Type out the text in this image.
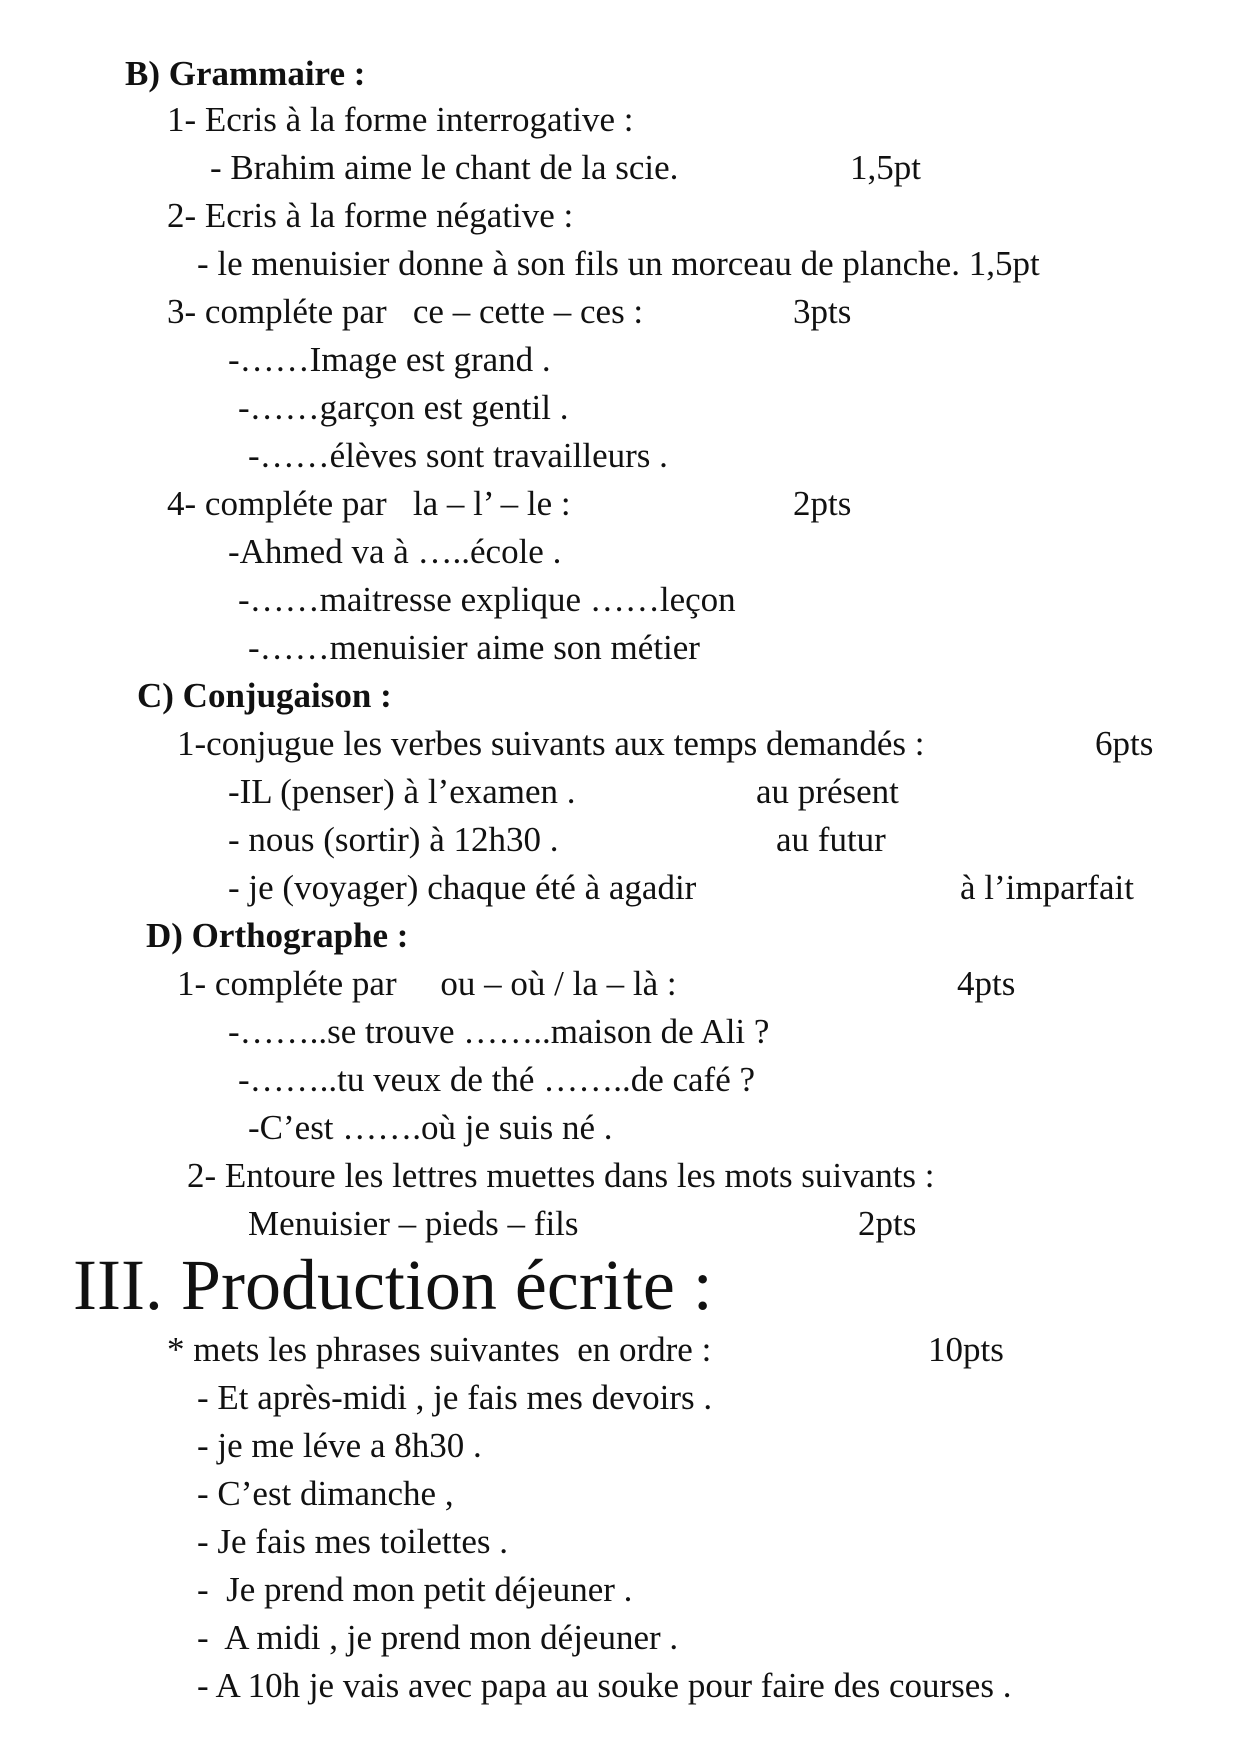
B) Grammaire :
1- Ecris à la forme interrogative :
- Brahim aime le chant de la scie.	1,5pt
2- Ecris à la forme négative :
- le menuisier donne à son fils un morceau de planche. 1,5pt
3- compléte par   ce – cette – ces :	3pts
-……Image est grand .
-……garçon est gentil .
-……élèves sont travailleurs .
4- compléte par   la – l’ – le :	2pts
-Ahmed va à …..école .
-……maitresse explique ……leçon
-……menuisier aime son métier
C) Conjugaison :
1-conjugue les verbes suivants aux temps demandés :	6pts
-IL (penser) à l’examen .	au présent
- nous (sortir) à 12h30 .	au futur
- je (voyager) chaque été à agadir	à l’imparfait
D) Orthographe :
1- compléte par     ou – où / la – là :	4pts
-……..se trouve ……..maison de Ali ?
-……..tu veux de thé ……..de café ?
-C’est …….où je suis né .
2- Entoure les lettres muettes dans les mots suivants :
Menuisier – pieds – fils	2pts
III. Production écrite :
* mets les phrases suivantes  en ordre :	10pts
- Et après-midi , je fais mes devoirs .
- je me léve a 8h30 .
- C’est dimanche ,
- Je fais mes toilettes .
-  Je prend mon petit déjeuner .
-  A midi , je prend mon déjeuner .
- A 10h je vais avec papa au souke pour faire des courses .
